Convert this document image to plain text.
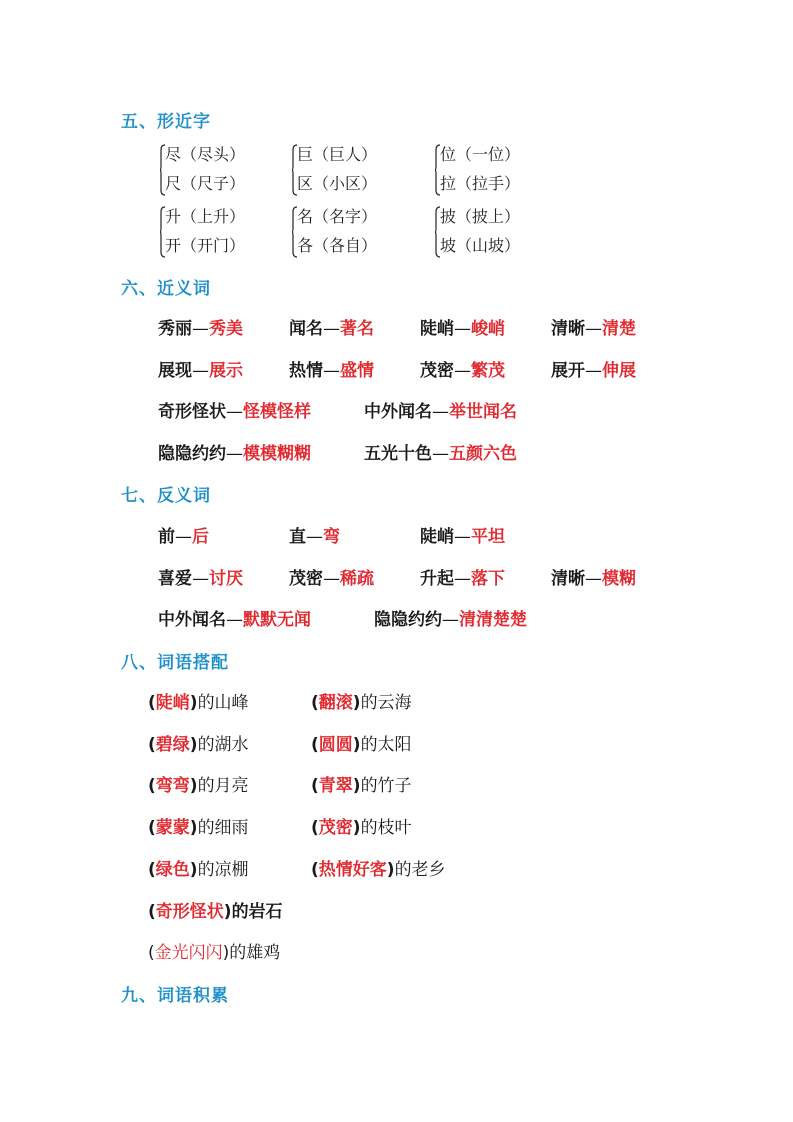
五、形近字
尽（尽头）
尺（尺子）
巨（巨人）
区（小区）
位（一位）
拉（拉手）
升（上升）
开（开门）
名（名字）
各（各自）
披（披上）
坡（山坡）
六、近义词
秀丽—秀美	闻名—著名	陡峭—峻峭	清晰—清楚
展现—展示	热情—盛情	茂密—繁茂	展开—伸展
奇形怪状—怪模怪样	中外闻名—举世闻名
隐隐约约—模模糊糊	五光十色—五颜六色
七、反义词
前—后	直—弯	陡峭—平坦
喜爱—讨厌	茂密—稀疏	升起—落下	清晰—模糊
中外闻名—默默无闻	隐隐约约—清清楚楚
八、词语搭配
(陡峭)的山峰	(翻滚)的云海
(碧绿)的湖水	(圆圆)的太阳
(弯弯)的月亮	(青翠)的竹子
(蒙蒙)的细雨	(茂密)的枝叶
(绿色)的凉棚	(热情好客)的老乡
(奇形怪状)的岩石
(金光闪闪)的雄鸡
九、词语积累
